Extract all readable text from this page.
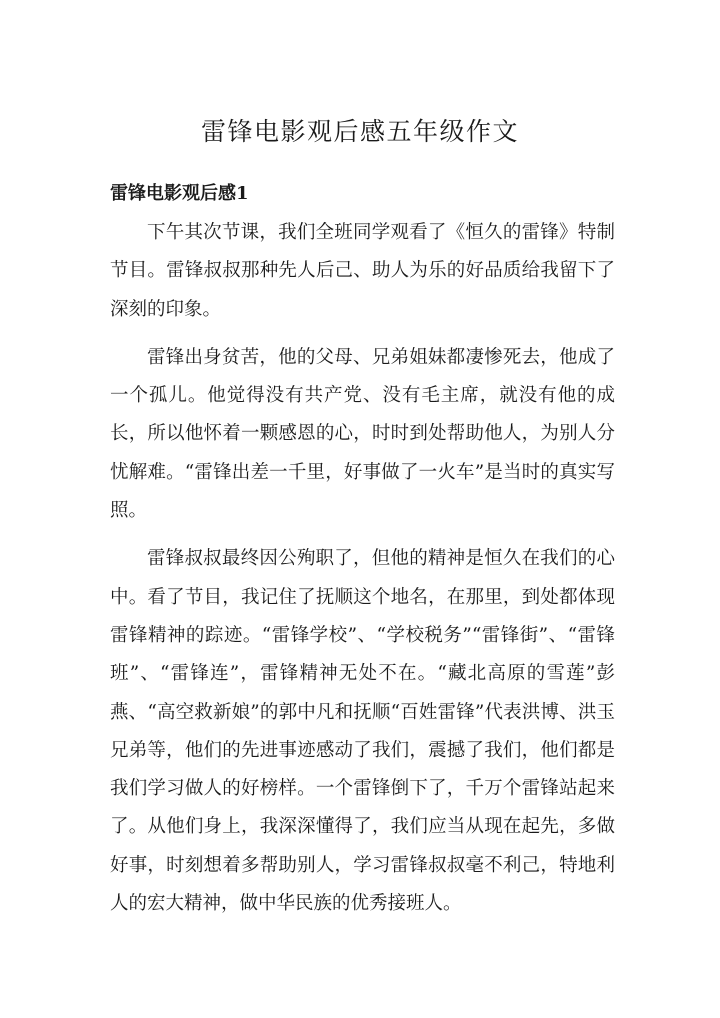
雷锋电影观后感五年级作文
雷锋电影观后感1

下午其次节课，我们全班同学观看了《恒久的雷锋》特制节目。雷锋叔叔那种先人后己、助人为乐的好品质给我留下了深刻的印象。

雷锋出身贫苦，他的父母、兄弟姐妹都凄惨死去，他成了一个孤儿。他觉得没有共产党、没有毛主席，就没有他的成长，所以他怀着一颗感恩的心，时时到处帮助他人，为别人分忧解难。“雷锋出差一千里，好事做了一火车”是当时的真实写照。

雷锋叔叔最终因公殉职了，但他的精神是恒久在我们的心中。看了节目，我记住了抚顺这个地名，在那里，到处都体现雷锋精神的踪迹。“雷锋学校”、“学校税务”“雷锋街”、“雷锋班”、“雷锋连”，雷锋精神无处不在。“藏北高原的雪莲”彭燕、“高空救新娘”的郭中凡和抚顺“百姓雷锋”代表洪博、洪玉兄弟等，他们的先进事迹感动了我们，震撼了我们，他们都是我们学习做人的好榜样。一个雷锋倒下了，千万个雷锋站起来了。从他们身上，我深深懂得了，我们应当从现在起先，多做好事，时刻想着多帮助别人，学习雷锋叔叔毫不利己，特地利人的宏大精神，做中华民族的优秀接班人。
